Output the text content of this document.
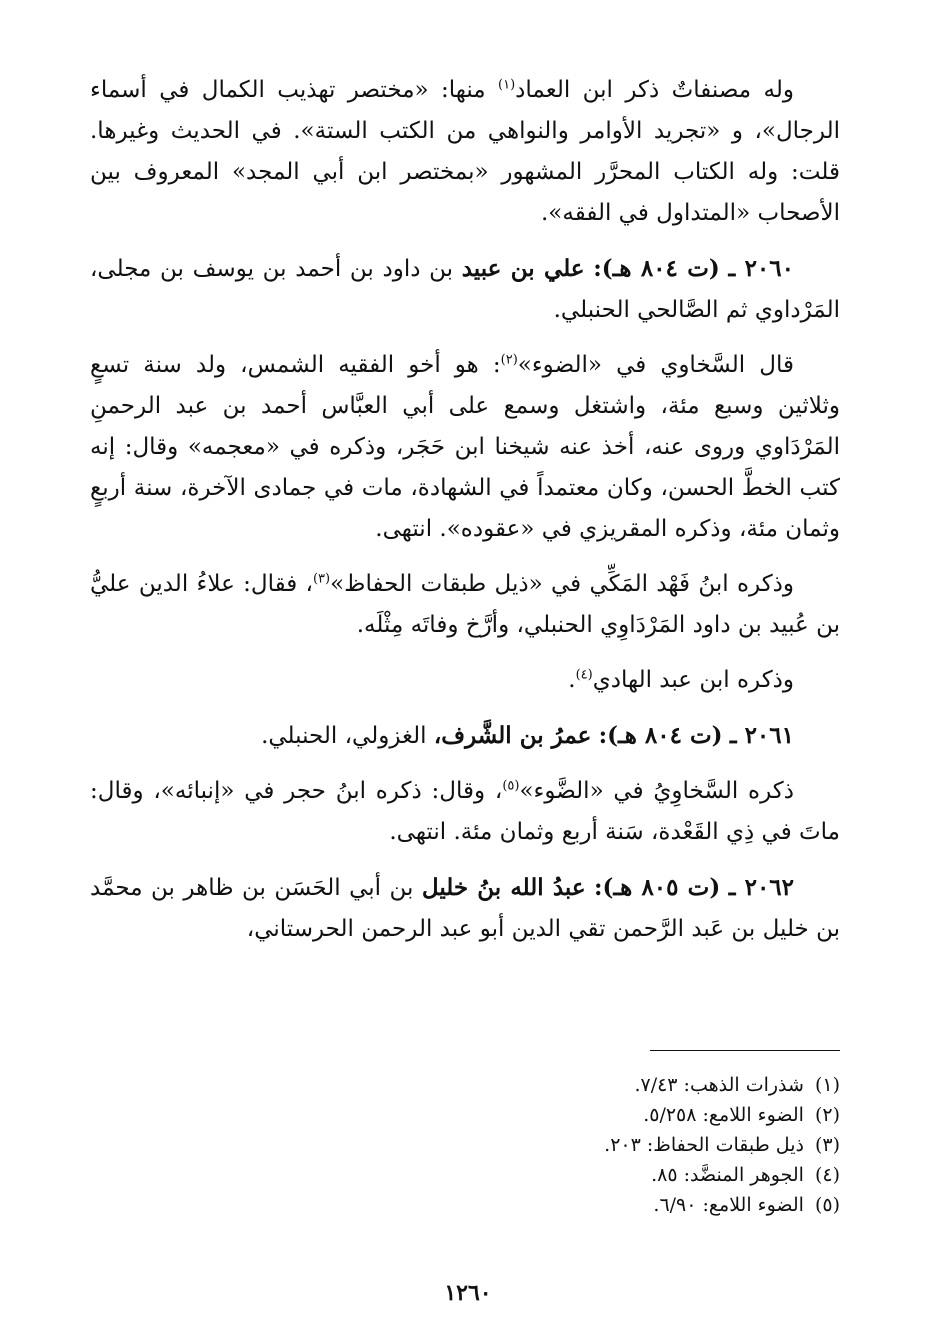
وله مصنفاتٌ ذكر ابن العماد$^{(١)}$ منها: «مختصر تهذيب الكمال في أسماء الرجال»، و «تجريد الأوامر والنواهي من الكتب الستة». في الحديث وغيرها. قلت: وله الكتاب المحرَّر المشهور «بمختصر ابن أبي المجد» المعروف بين الأصحاب «المتداول في الفقه».

٢٠٦٠ ـ (ت ٨٠٤ هـ): علي بن عبيد بن داود بن أحمد بن يوسف بن مجلى، المَرْداوي ثم الصَّالحي الحنبلي.

قال السَّخاوي في «الضوء»$^{(٢)}$: هو أخو الفقيه الشمس، ولد سنة تسعٍ وثلاثين وسبع مئة، واشتغل وسمع على أبي العبَّاس أحمد بن عبد الرحمنِ المَرْدَاوي وروى عنه، أخذ عنه شيخنا ابن حَجَر، وذكره في «معجمه» وقال: إنه كتب الخطَّ الحسن، وكان معتمداً في الشهادة، مات في جمادى الآخرة، سنة أربعٍ وثمان مئة، وذكره المقريزي في «عقوده». انتهى.

وذكره ابنُ فَهْد المَكِّي في «ذيل طبقات الحفاظ»$^{(٣)}$، فقال: علاءُ الدين عليُّ بن عُبيد بن داود المَرْدَاوِي الحنبلي، وأرَّخ وفاتَه مِثْلَه.

وذكره ابن عبد الهادي$^{(٤)}$.

٢٠٦١ ـ (ت ٨٠٤ هـ): عمرُ بن الشَّرف، الغزولي، الحنبلي.

ذكره السَّخاوِيُ في «الضَّوء»$^{(٥)}$، وقال: ذكره ابنُ حجر في «إنبائه»، وقال: ماتَ في ذِي القَعْدة، سَنة أربع وثمان مئة. انتهى.

٢٠٦٢ ـ (ت ٨٠٥ هـ): عبدُ الله بنُ خليل بن أبي الحَسَن بن ظاهر بن محمَّد بن خليل بن عَبد الرَّحمن تقي الدين أبو عبد الرحمن الحرستاني،

(١) شذرات الذهب: ٧/٤٣.
(٢) الضوء اللامع: ٥/٢٥٨.
(٣) ذيل طبقات الحفاظ: ٢٠٣.
(٤) الجوهر المنضَّد: ٨٥.
(٥) الضوء اللامع: ٦/٩٠.
١٢٦٠
